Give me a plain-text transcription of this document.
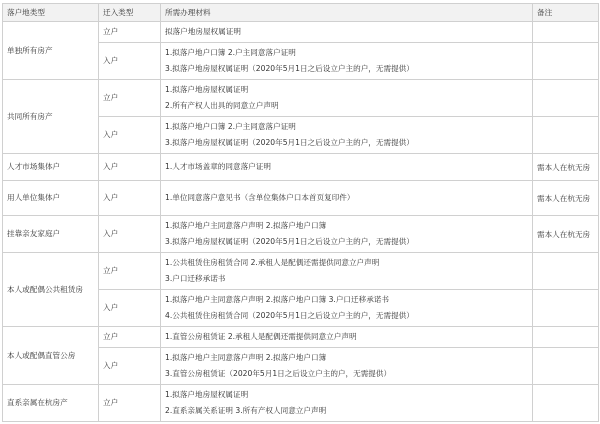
落户地类型	迁入类型	所需办理材料	备注
单独所有房产	立户	拟落户地房屋权属证明	

	入户	1.拟落户地户口簿 2.户主同意落户证明
3.拟落户地房屋权属证明（2020年5月1日之后设立户主的户，无需提供）	

共同所有房产	立户	1.拟落户地房屋权属证明
2.所有产权人出具的同意立户声明	

	入户	1.拟落户地户口簿 2.户主同意落户证明
3.拟落户地房屋权属证明（2020年5月1日之后设立户主的户，无需提供）	

人才市场集体户	入户	1.人才市场盖章的同意落户证明	需本人在杭无房
用人单位集体户	入户	1.单位同意落户意见书（含单位集体户口本首页复印件）	需本人在杭无房
挂靠亲友家庭户	入户	1.拟落户地户主同意落户声明 2.拟落户地户口簿
3.拟落户地房屋权属证明（2020年5月1日之后设立户主的户，无需提供）	需本人在杭无房
本人或配偶公共租赁房	立户	1.公共租赁住房租赁合同 2.承租人是配偶还需提供同意立户声明
3.户口迁移承诺书	

	入户	1.拟落户地户主同意落户声明 2.拟落户地户口簿 3.户口迁移承诺书
4.公共租赁住房租赁合同（2020年5月1日之后设立户主的户，无需提供）	

本人或配偶直管公房	立户	1.直管公房租赁证 2.承租人是配偶还需提供同意立户声明	

	入户	1.拟落户地户主同意落户声明 2.拟落户地户口簿
3.直管公房租赁证（2020年5月1日之后设立户主的户，无需提供）	

直系亲属在杭房产	立户	1.拟落户地房屋权属证明
2.直系亲属关系证明 3.所有产权人同意立户声明	
